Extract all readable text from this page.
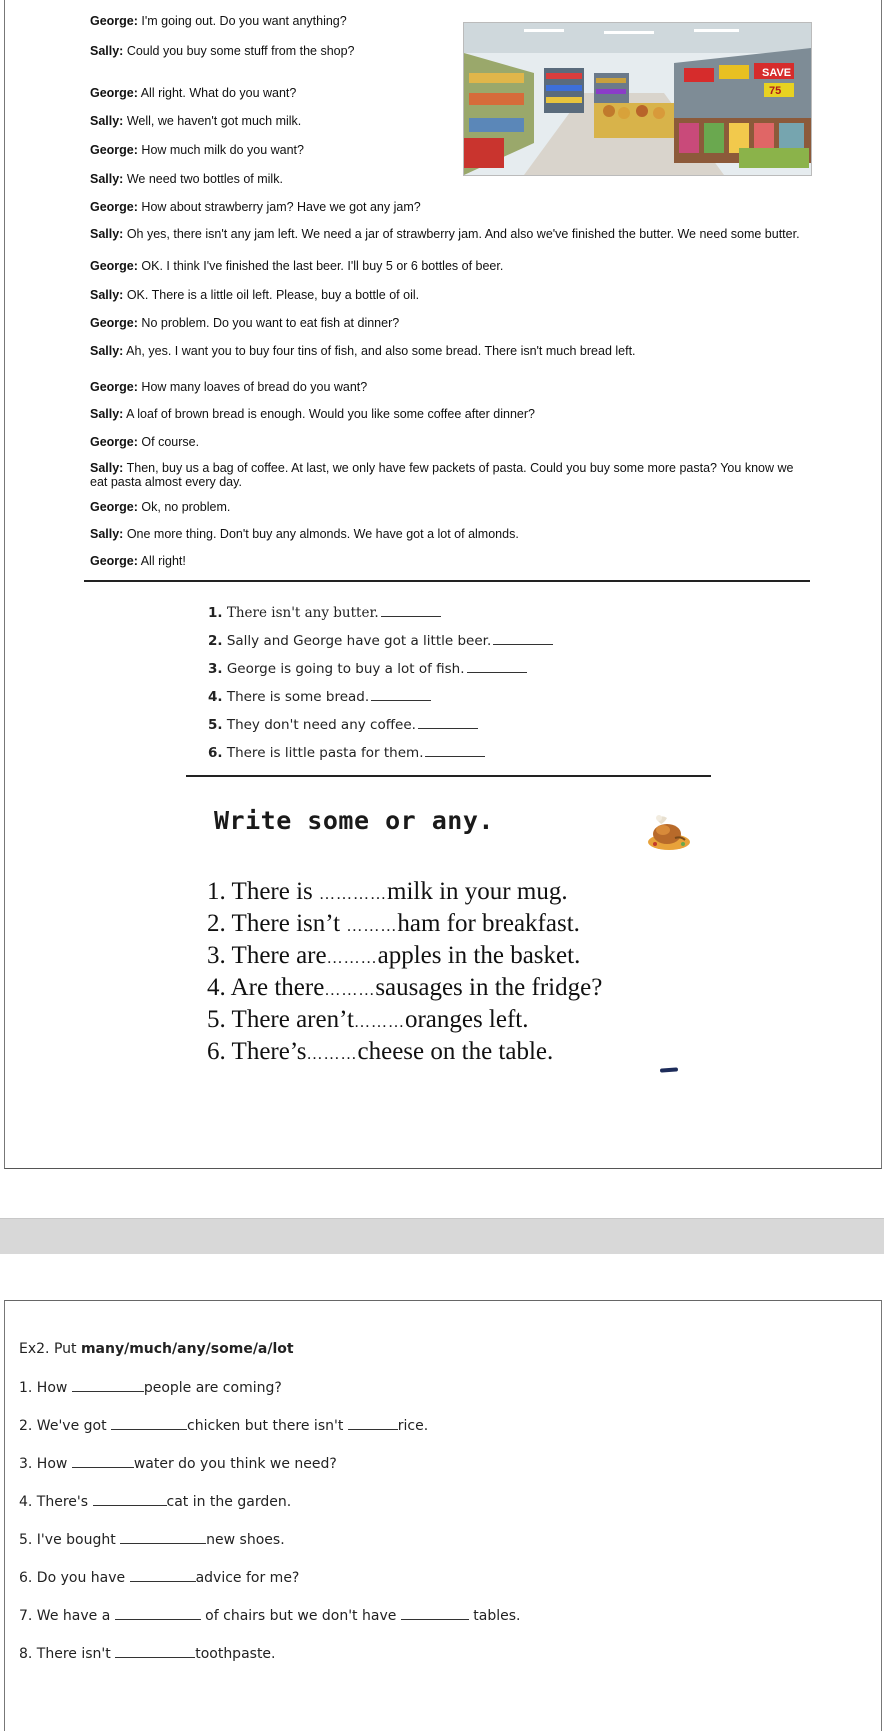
SAVE
75
George: I'm going out. Do you want anything?
Sally: Could you buy some stuff from the shop?
George: All right. What do you want?
Sally: Well, we haven't got much milk.
George: How much milk do you want?
Sally: We need two bottles of milk.
George: How about strawberry jam? Have we got any jam?
Sally: Oh yes, there isn't any jam left. We need a jar of strawberry jam. And also we've finished the butter. We need some butter.
George: OK. I think I've finished the last beer. I'll buy 5 or 6 bottles of beer.
Sally: OK. There is a little oil left. Please, buy a bottle of oil.
George: No problem. Do you want to eat fish at dinner?
Sally: Ah, yes. I want you to buy four tins of fish, and also some bread. There isn't much bread left.
George: How many loaves of bread do you want?
Sally: A loaf of brown bread is enough. Would you like some coffee after dinner?
George: Of course.
Sally: Then, buy us a bag of coffee. At last, we only have few packets of pasta. Could you buy some more pasta? You know we eat pasta almost every day.
George: Ok, no problem.
Sally: One more thing. Don't buy any almonds. We have got a lot of almonds.
George: All right!
1. There isn't any butter.
2. Sally and George have got a little beer.
3. George is going to buy a lot of fish.
4. There is some bread.
5. They don't need any coffee.
6. There is little pasta for them.
Write some or any.
1. There is …………milk in your mug.
2. There isn’t ………ham for breakfast.
3. There are………apples in the basket.
4. Are there………sausages in the fridge?
5. There aren’t………oranges left.
6. There’s………cheese on the table.
Ex2. Put many/much/any/some/a/lot
1. How	people are coming?
2. We've got	chicken but there isn't	rice.
3. How	water do you think we need?
4. There's	cat in the garden.
5. I've bought	new shoes.
6. Do you have	advice for me?
7. We have a	of chairs but we don't have	tables.
8. There isn't	toothpaste.
